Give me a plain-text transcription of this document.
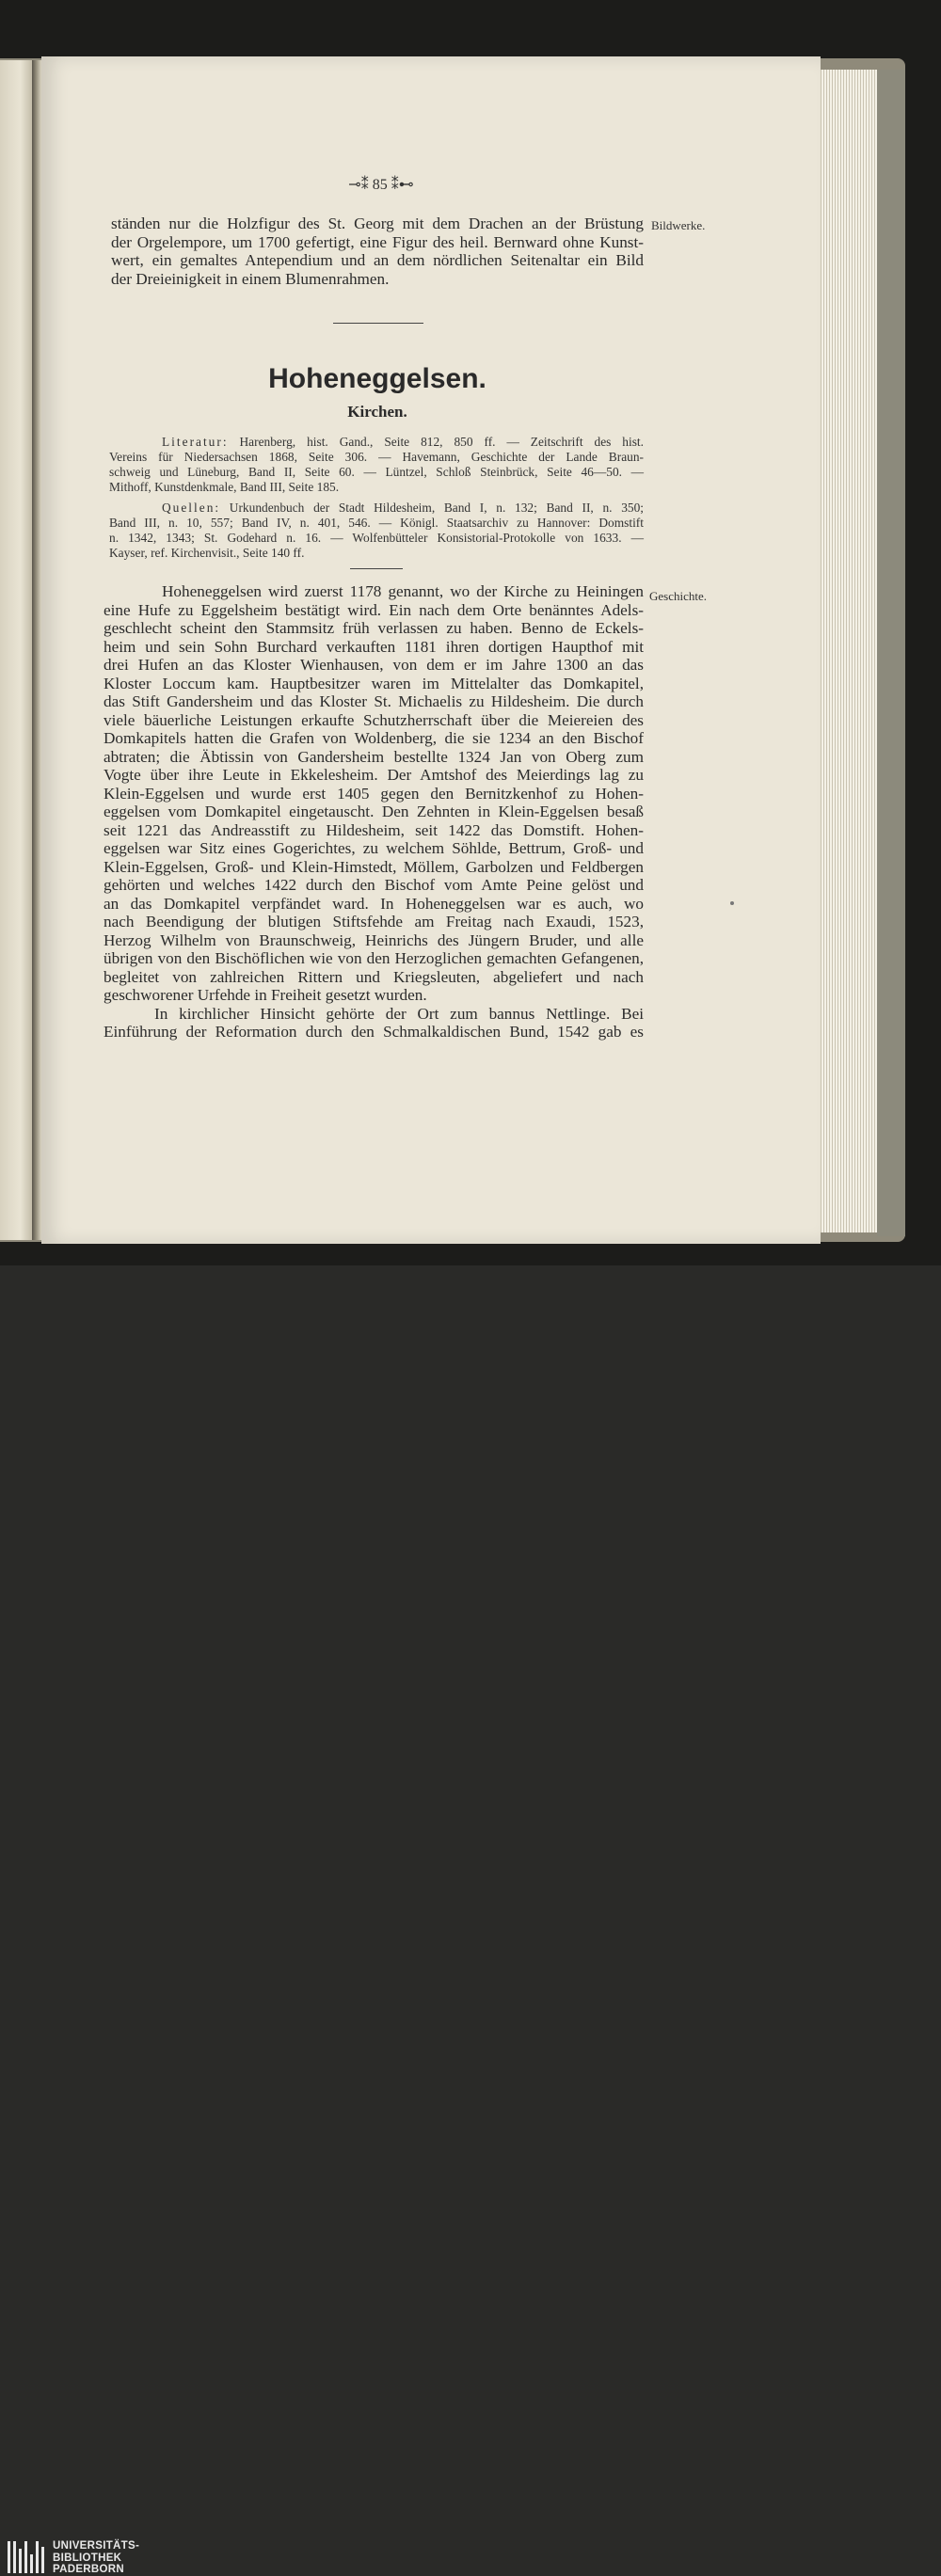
⊸⁑ 85 ⁑⊷
ständen nur die Holzfigur des St. Georg mit dem Drachen an der Brüstung
der Orgelempore, um 1700 gefertigt, eine Figur des heil. Bernward ohne Kunst-
wert, ein gemaltes Antependium und an dem nördlichen Seitenaltar ein Bild
der Dreieinigkeit in einem Blumenrahmen.
Bildwerke.
Hoheneggelsen.
Kirchen.
Literatur: Harenberg, hist. Gand., Seite 812, 850 ff. — Zeitschrift des hist.
Vereins für Niedersachsen 1868, Seite 306. — Havemann, Geschichte der Lande Braun-
schweig und Lüneburg, Band II, Seite 60. — Lüntzel, Schloß Steinbrück, Seite 46—50. —
Mithoff, Kunstdenkmale, Band III, Seite 185.
Quellen: Urkundenbuch der Stadt Hildesheim, Band I, n. 132; Band II, n. 350;
Band III, n. 10, 557; Band IV, n. 401, 546. — Königl. Staatsarchiv zu Hannover: Domstift
n. 1342, 1343; St. Godehard n. 16. — Wolfenbütteler Konsistorial-Protokolle von 1633. —
Kayser, ref. Kirchenvisit., Seite 140 ff.
Geschichte.
Hoheneggelsen wird zuerst 1178 genannt, wo der Kirche zu Heiningen
eine Hufe zu Eggelsheim bestätigt wird. Ein nach dem Orte benänntes Adels-
geschlecht scheint den Stammsitz früh verlassen zu haben. Benno de Eckels-
heim und sein Sohn Burchard verkauften 1181 ihren dortigen Haupthof mit
drei Hufen an das Kloster Wienhausen, von dem er im Jahre 1300 an das
Kloster Loccum kam. Hauptbesitzer waren im Mittelalter das Domkapitel,
das Stift Gandersheim und das Kloster St. Michaelis zu Hildesheim. Die durch
viele bäuerliche Leistungen erkaufte Schutzherrschaft über die Meiereien des
Domkapitels hatten die Grafen von Woldenberg, die sie 1234 an den Bischof
abtraten; die Äbtissin von Gandersheim bestellte 1324 Jan von Oberg zum
Vogte über ihre Leute in Ekkelesheim. Der Amtshof des Meierdings lag zu
Klein-Eggelsen und wurde erst 1405 gegen den Bernitzkenhof zu Hohen-
eggelsen vom Domkapitel eingetauscht. Den Zehnten in Klein-Eggelsen besaß
seit 1221 das Andreasstift zu Hildesheim, seit 1422 das Domstift. Hohen-
eggelsen war Sitz eines Gogerichtes, zu welchem Söhlde, Bettrum, Groß- und
Klein-Eggelsen, Groß- und Klein-Himstedt, Möllem, Garbolzen und Feldbergen
gehörten und welches 1422 durch den Bischof vom Amte Peine gelöst und
an das Domkapitel verpfändet ward. In Hoheneggelsen war es auch, wo
nach Beendigung der blutigen Stiftsfehde am Freitag nach Exaudi, 1523,
Herzog Wilhelm von Braunschweig, Heinrichs des Jüngern Bruder, und alle
übrigen von den Bischöflichen wie von den Herzoglichen gemachten Gefangenen,
begleitet von zahlreichen Rittern und Kriegsleuten, abgeliefert und nach
geschworener Urfehde in Freiheit gesetzt wurden.
In kirchlicher Hinsicht gehörte der Ort zum bannus Nettlinge. Bei
Einführung der Reformation durch den Schmalkaldischen Bund, 1542 gab es
UNIVERSITÄTS-
BIBLIOTHEK
PADERBORN
